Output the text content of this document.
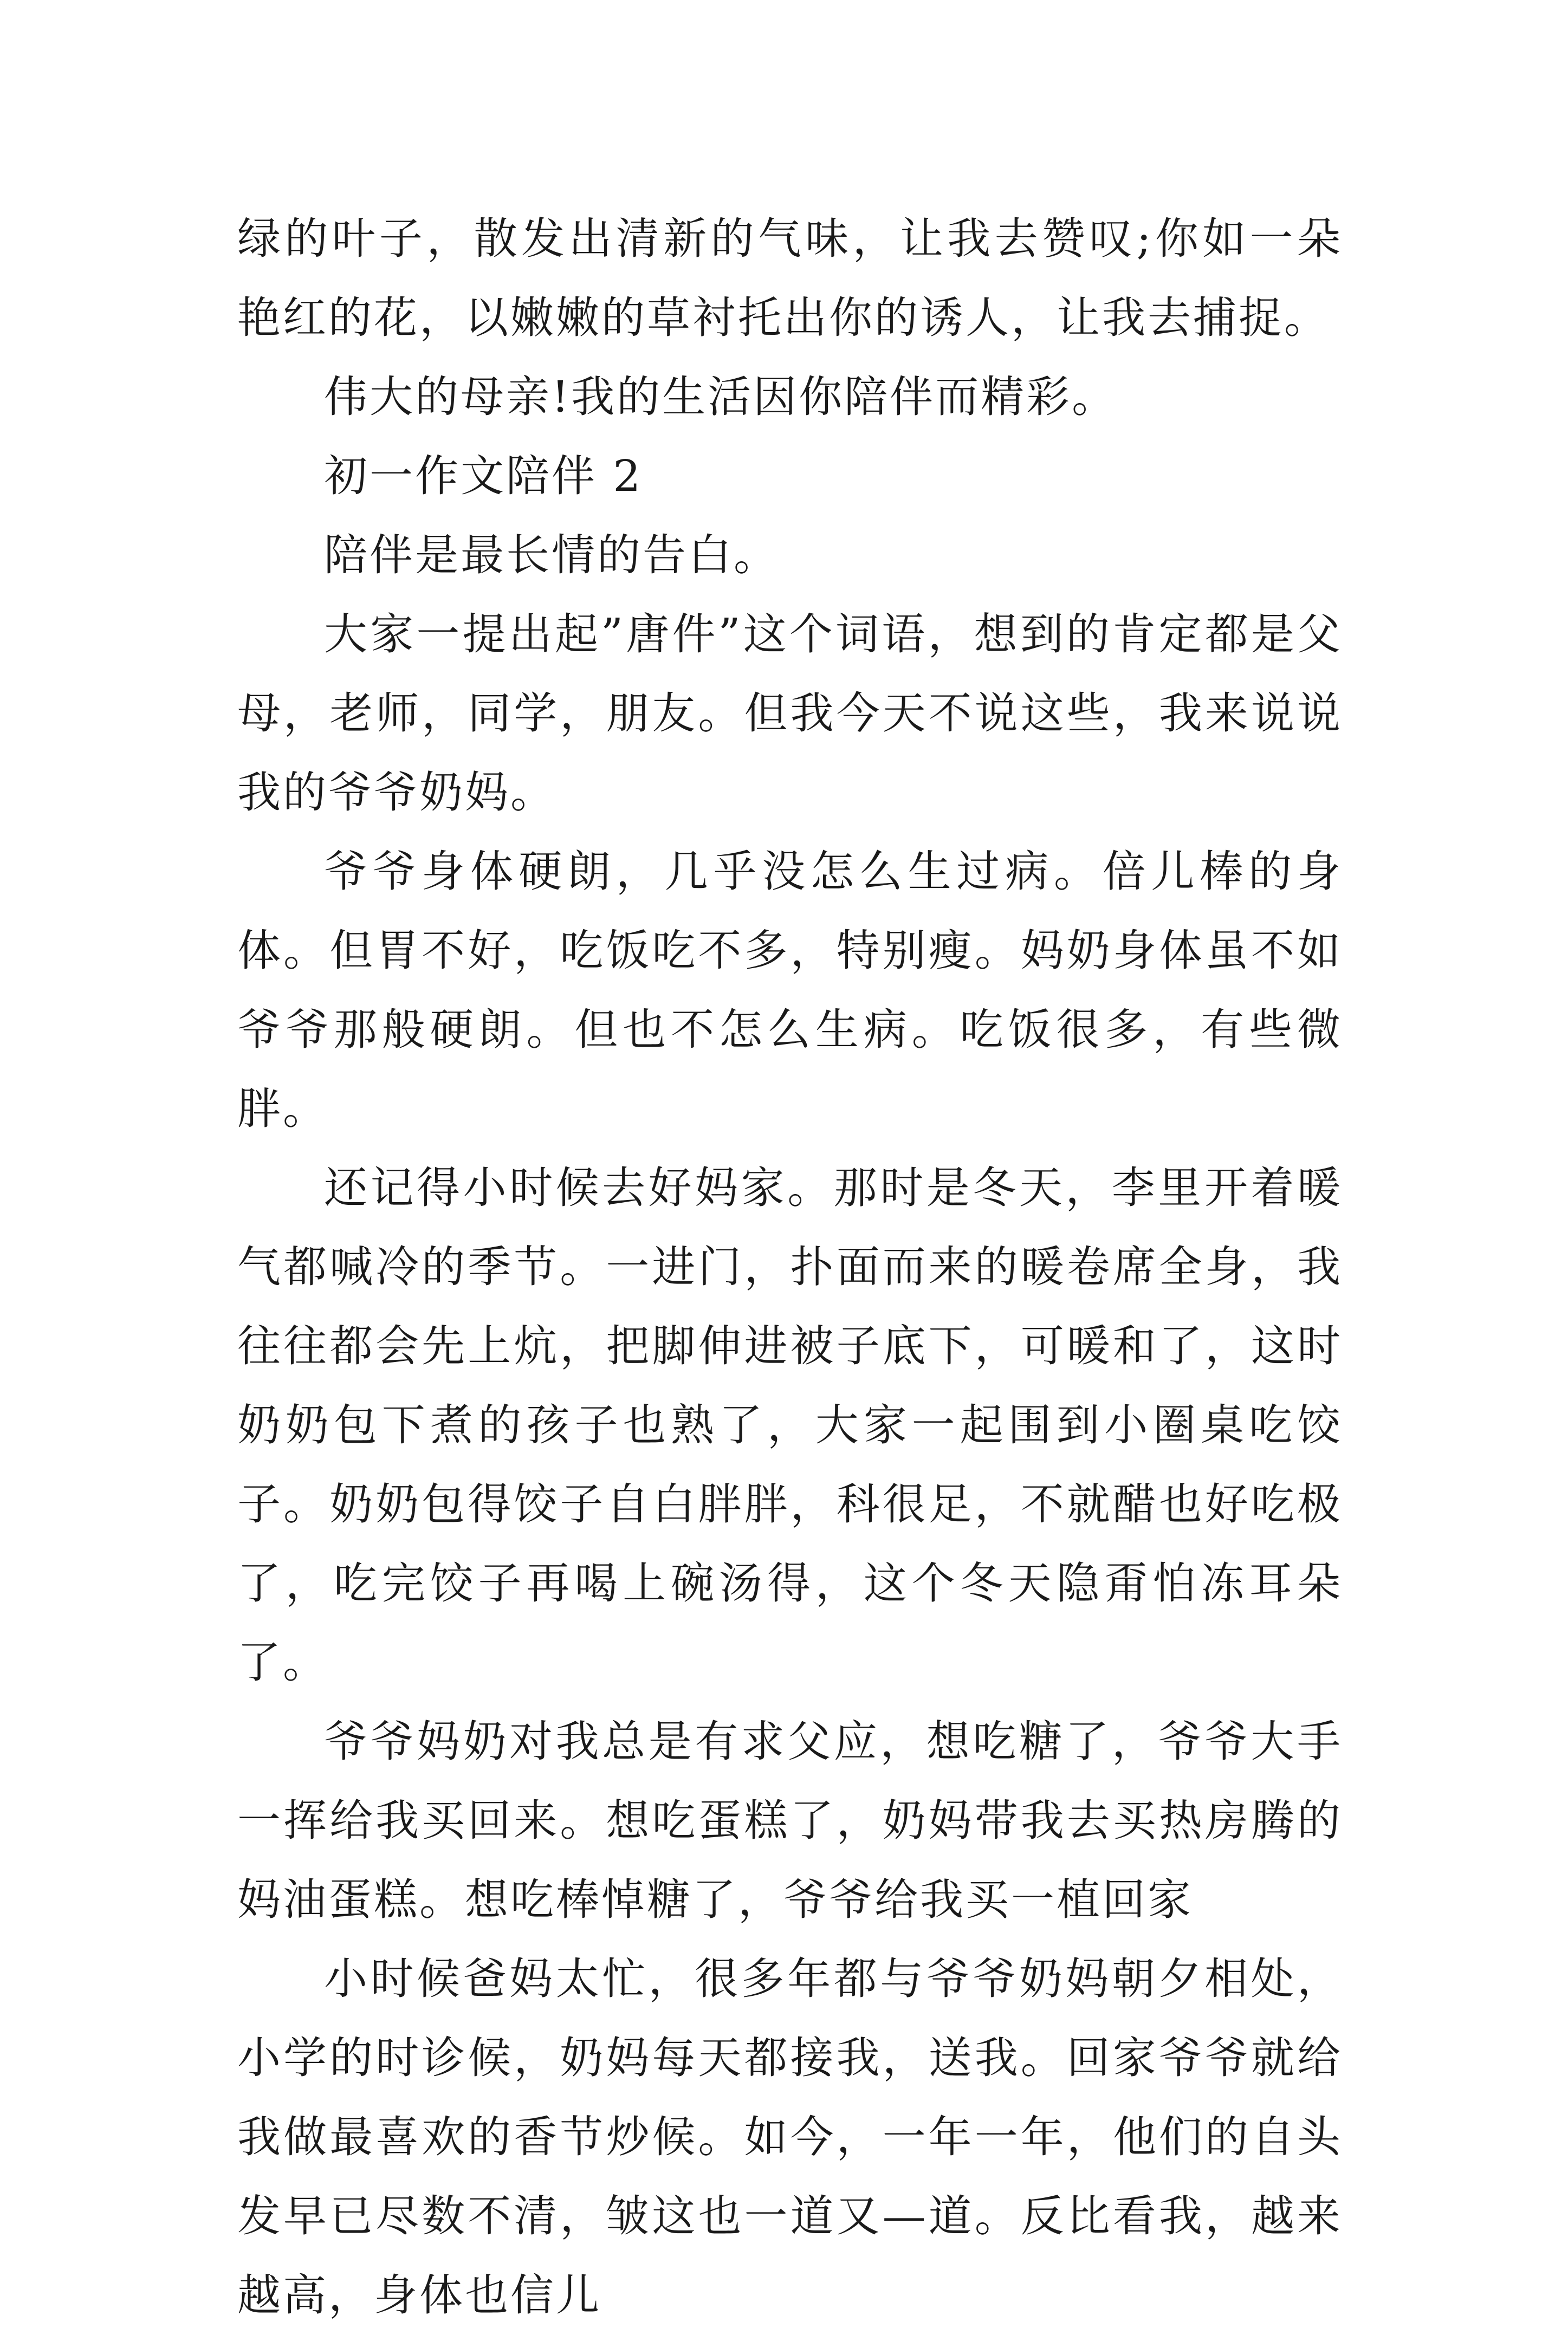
绿的叶子，散发出清新的气味，让我去赞叹;你如一朵艳红的花，以嫩嫩的草衬托出你的诱人，让我去捕捉。

伟大的母亲!我的生活因你陪伴而精彩。

初一作文陪伴 2

陪伴是最长情的告白。

大家一提出起”唐件”这个词语，想到的肯定都是父母，老师，同学，朋友。但我今天不说这些，我来说说我的爷爷奶妈。

爷爷身体硬朗，几乎没怎么生过病。倍儿棒的身体。但胃不好，吃饭吃不多，特别瘦。妈奶身体虽不如爷爷那般硬朗。但也不怎么生病。吃饭很多，有些微胖。

还记得小时候去好妈家。那时是冬天，李里开着暖气都喊冷的季节。一进门，扑面而来的暖卷席全身，我往往都会先上炕，把脚伸进被子底下，可暖和了，这时奶奶包下煮的孩子也熟了，大家一起围到小圈桌吃饺子。奶奶包得饺子自白胖胖，科很足，不就醋也好吃极了，吃完饺子再喝上碗汤得，这个冬天隐甭怕冻耳朵了。

爷爷妈奶对我总是有求父应，想吃糖了，爷爷大手一挥给我买回来。想吃蛋糕了，奶妈带我去买热房腾的妈油蛋糕。想吃棒悼糖了，爷爷给我买一植回家

小时候爸妈太忙，很多年都与爷爷奶妈朝夕相处，小学的时诊候，奶妈每天都接我，送我。回家爷爷就给我做最喜欢的香节炒候。如今，一年一年，他们的自头发早已尽数不清，皱这也一道又—道。反比看我，越来越高，身体也信儿
